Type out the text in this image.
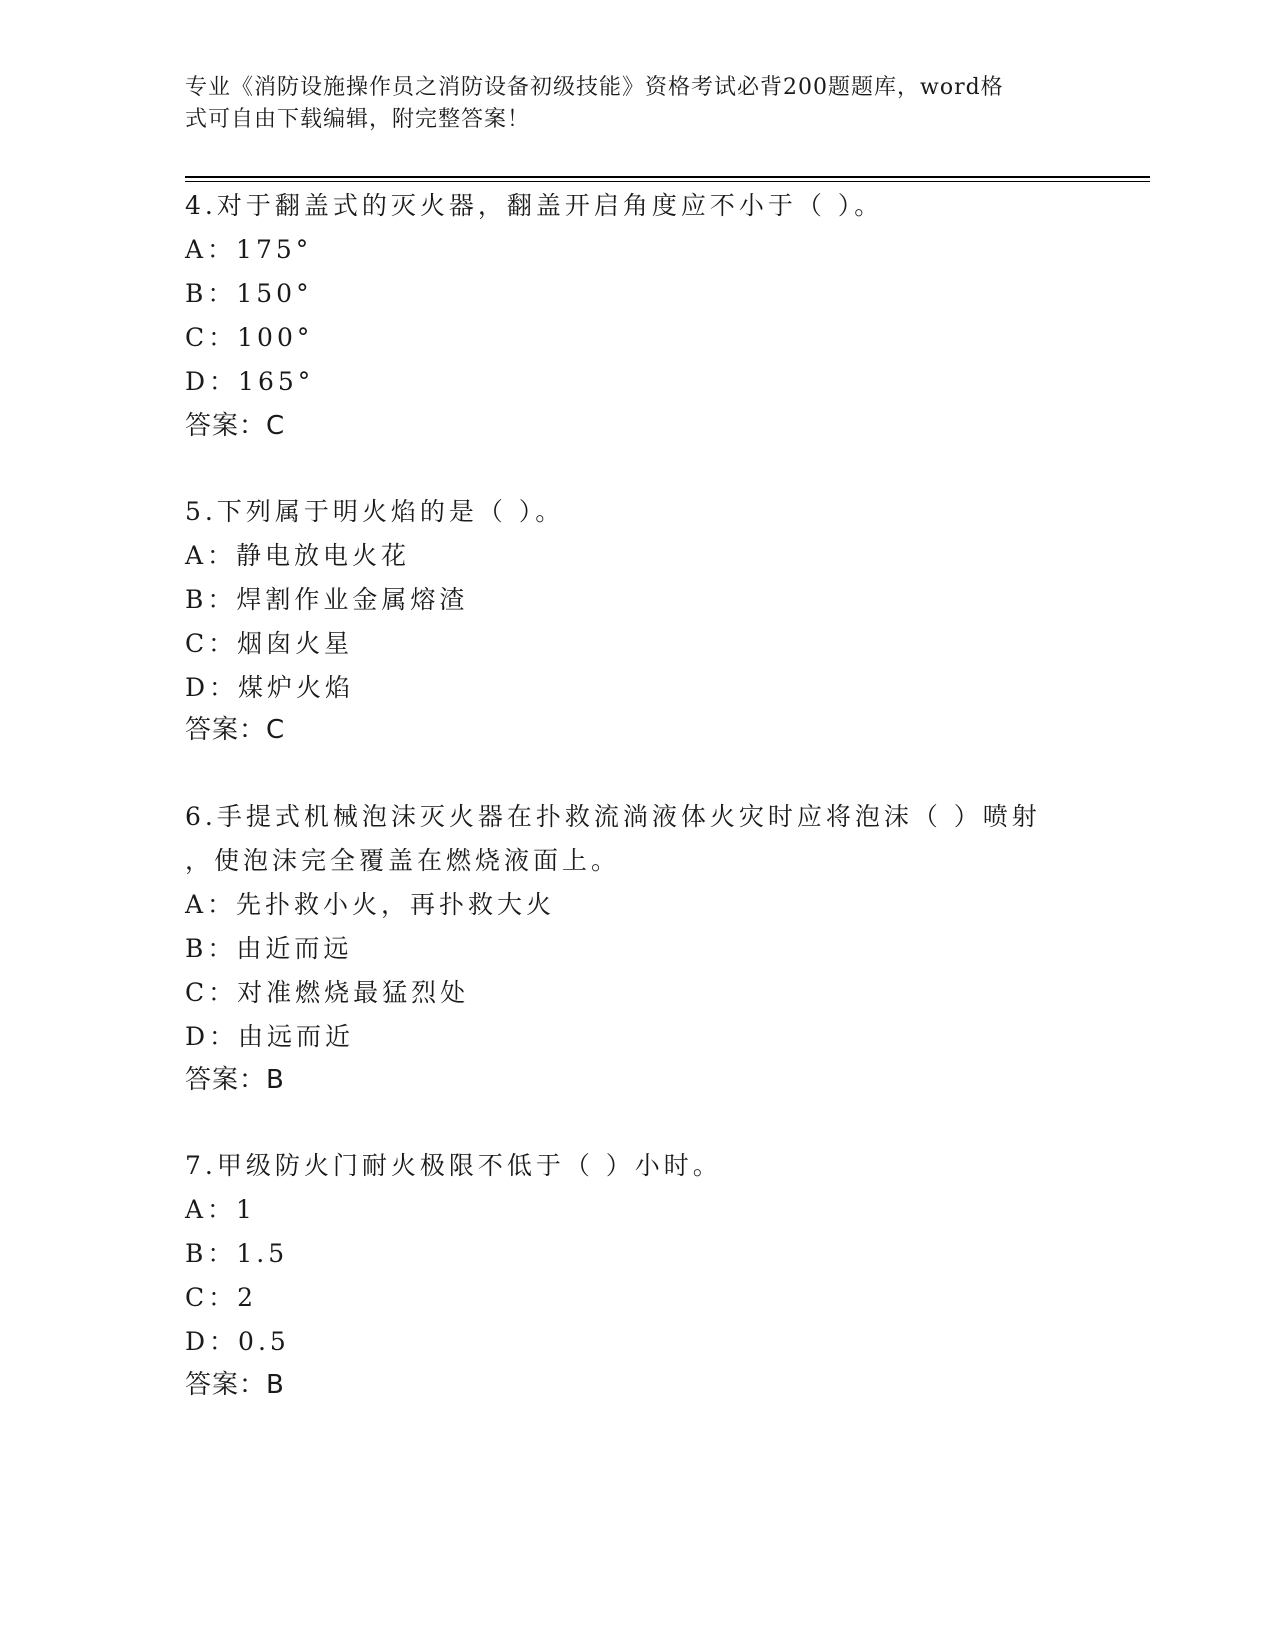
专业《消防设施操作员之消防设备初级技能》资格考试必背200题题库，word格
式可自由下载编辑，附完整答案！
4.对于翻盖式的灭火器，翻盖开启角度应不小于（ ）。
A：175°
B：150°
C：100°
D：165°
答案：C
5.下列属于明火焰的是（ ）。
A：静电放电火花
B：焊割作业金属熔渣
C：烟囱火星
D：煤炉火焰
答案：C
6.手提式机械泡沫灭火器在扑救流淌液体火灾时应将泡沫（ ）喷射
，使泡沫完全覆盖在燃烧液面上。
A：先扑救小火，再扑救大火
B：由近而远
C：对准燃烧最猛烈处
D：由远而近
答案：B
7.甲级防火门耐火极限不低于（ ）小时。
A：1
B：1.5
C：2
D：0.5
答案：B
